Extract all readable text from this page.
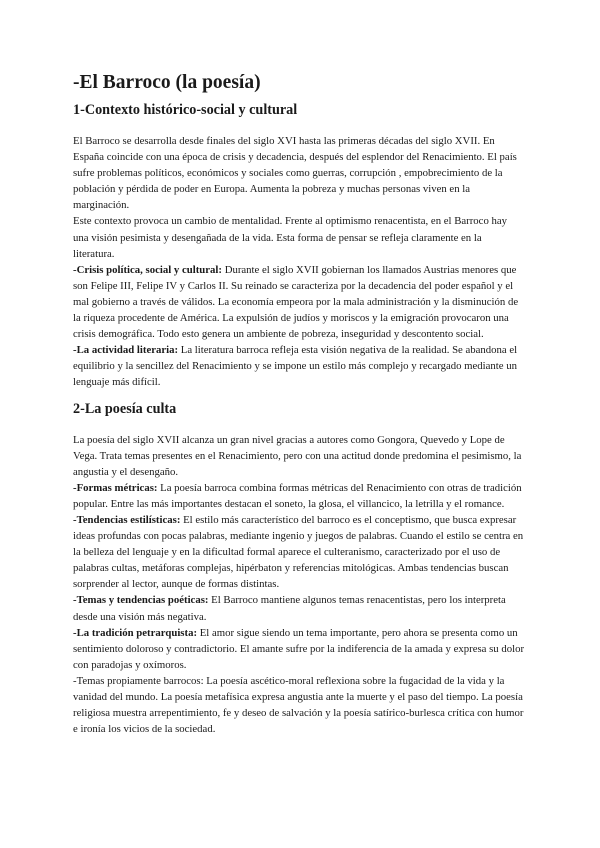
-El Barroco (la poesía)
1-Contexto histórico-social y cultural

El Barroco se desarrolla desde finales del siglo XVI hasta las primeras décadas del siglo XVII. En España coincide con una época de crisis y decadencia, después del esplendor del Renacimiento. El país sufre problemas políticos, económicos y sociales como guerras, corrupción , empobrecimiento de la población y pérdida de poder en Europa. Aumenta la pobreza y muchas personas viven en la marginación.

Este contexto provoca un cambio de mentalidad. Frente al optimismo renacentista, en el Barroco hay una visión pesimista y desengañada de la vida. Esta forma de pensar se refleja claramente en la literatura.

-Crisis política, social y cultural: Durante el siglo XVII gobiernan los llamados Austrias menores que son Felipe III, Felipe IV y Carlos II. Su reinado se caracteriza por la decadencia del poder español y el mal gobierno a través de válidos. La economía empeora por la mala administración y la disminución de la riqueza procedente de América. La expulsión de judíos y moriscos y la emigración provocaron una crisis demográfica. Todo esto genera un ambiente de pobreza, inseguridad y descontento social.

-La actividad literaria: La literatura barroca refleja esta visión negativa de la realidad. Se abandona el equilibrio y la sencillez del Renacimiento y se impone un estilo más complejo y recargado mediante un lenguaje más difícil.

2-La poesía culta

La poesía del siglo XVII alcanza un gran nivel gracias a autores como Gongora, Quevedo y Lope de Vega. Trata temas presentes en el Renacimiento, pero con una actitud donde predomina el pesimismo, la angustia y el desengaño.

-Formas métricas: La poesía barroca combina formas métricas del Renacimiento con otras de tradición popular. Entre las más importantes destacan el soneto, la glosa, el villancico, la letrilla y el romance.

-Tendencias estilísticas: El estilo más característico del barroco es el conceptismo, que busca expresar ideas profundas con pocas palabras, mediante ingenio y juegos de palabras. Cuando el estilo se centra en la belleza del lenguaje y en la dificultad formal aparece el culteranismo, caracterizado por el uso de palabras cultas, metáforas complejas, hipérbaton y referencias mitológicas. Ambas tendencias buscan sorprender al lector, aunque de formas distintas.

-Temas y tendencias poéticas: El Barroco mantiene algunos temas renacentistas, pero los interpreta desde una visión más negativa.

-La tradición petrarquista: El amor sigue siendo un tema importante, pero ahora se presenta como un sentimiento doloroso y contradictorio. El amante sufre por la indiferencia de la amada y expresa su dolor con paradojas y oxímoros.

-Temas propiamente barrocos: La poesía ascético-moral reflexiona sobre la fugacidad de la vida y la vanidad del mundo. La poesía metafísica expresa angustia ante la muerte y el paso del tiempo. La poesía religiosa muestra arrepentimiento, fe y deseo de salvación y la poesía satírico-burlesca crítica con humor e ironía los vicios de la sociedad.
